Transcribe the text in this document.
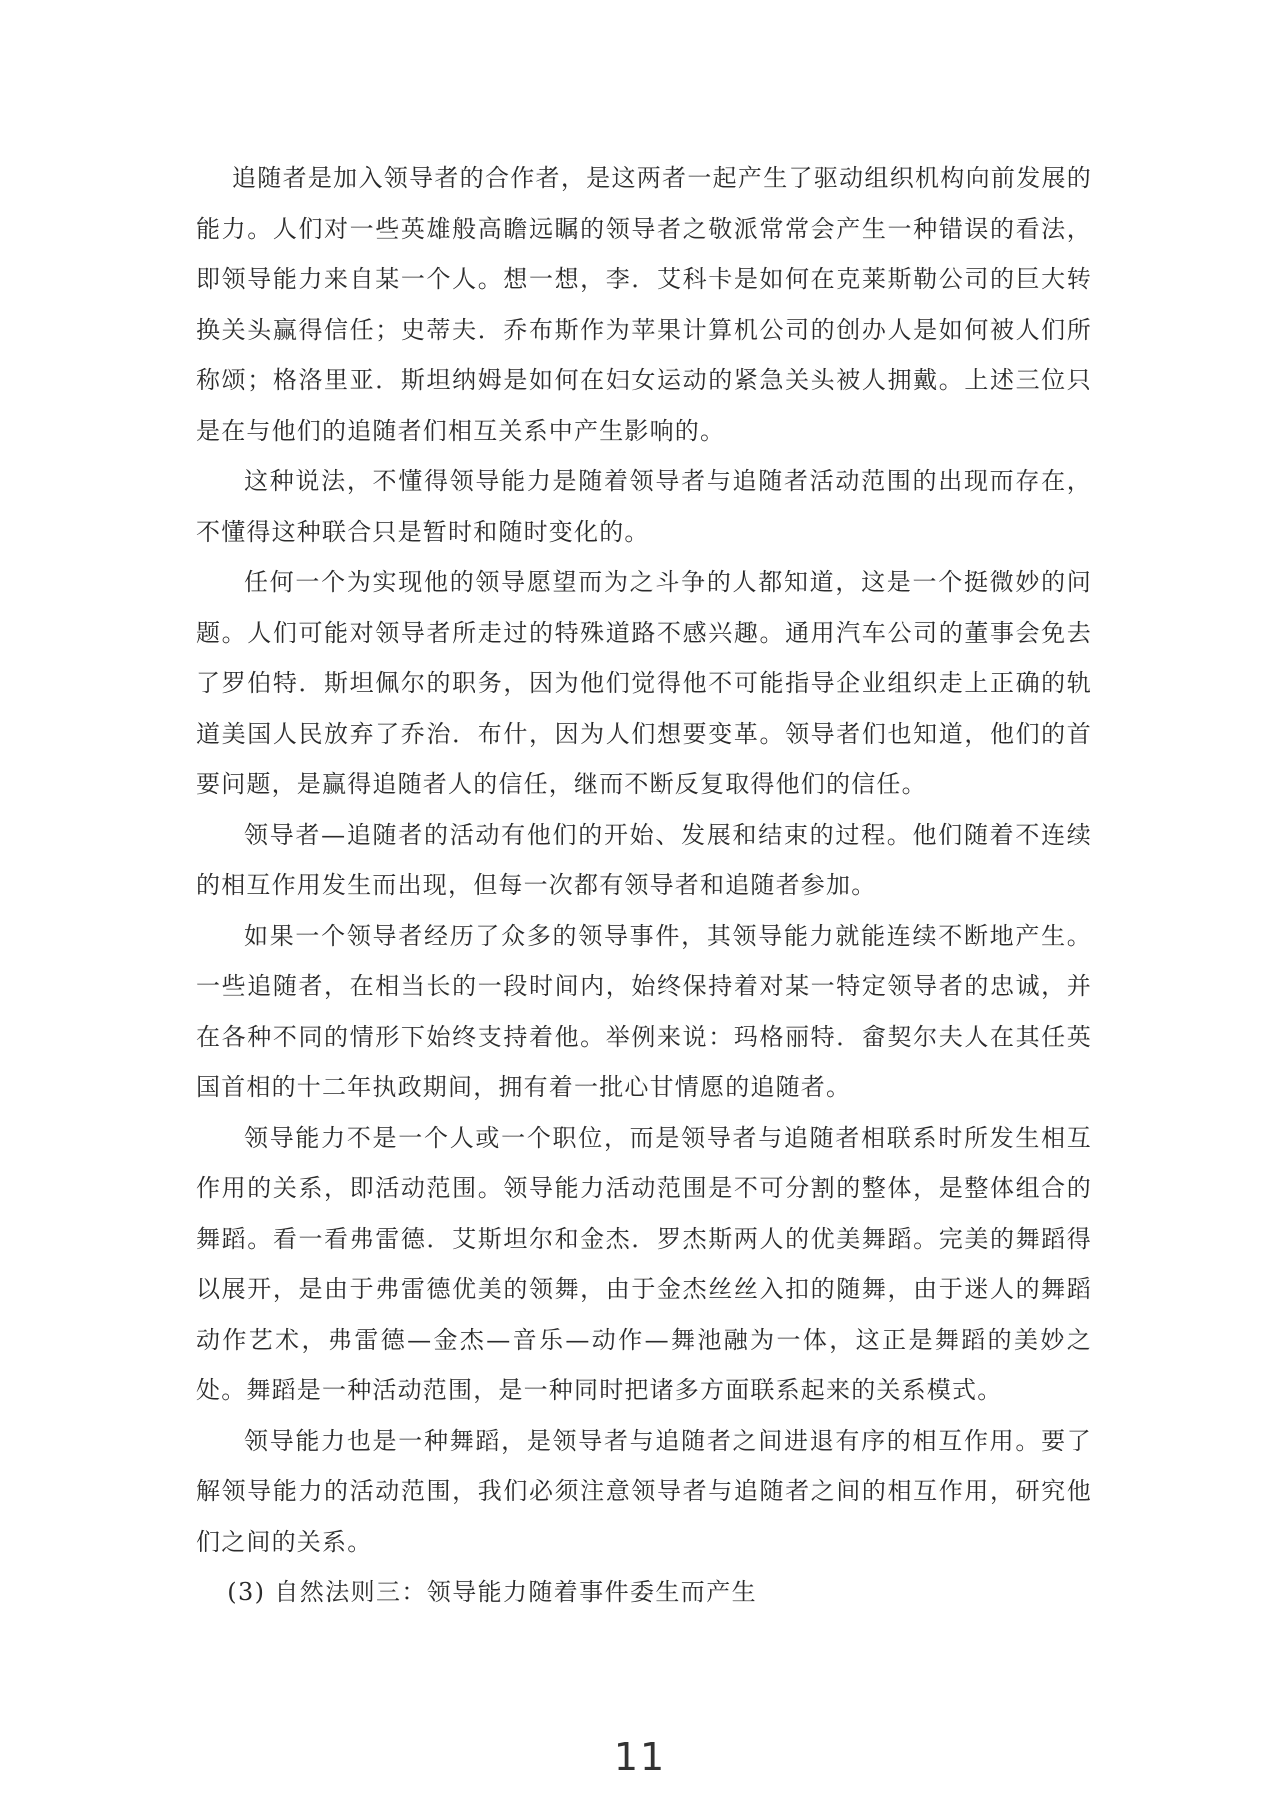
追随者是加入领导者的合作者，是这两者一起产生了驱动组织机构向前发展的能力。人们对一些英雄般高瞻远瞩的领导者之敬派常常会产生一种错误的看法，即领导能力来自某一个人。想一想，李．艾科卡是如何在克莱斯勒公司的巨大转换关头赢得信任；史蒂夫．乔布斯作为苹果计算机公司的创办人是如何被人们所称颂；格洛里亚．斯坦纳姆是如何在妇女运动的紧急关头被人拥戴。上述三位只是在与他们的追随者们相互关系中产生影响的。

这种说法，不懂得领导能力是随着领导者与追随者活动范围的出现而存在，不懂得这种联合只是暂时和随时变化的。

任何一个为实现他的领导愿望而为之斗争的人都知道，这是一个挺微妙的问题。人们可能对领导者所走过的特殊道路不感兴趣。通用汽车公司的董事会免去了罗伯特．斯坦佩尔的职务，因为他们觉得他不可能指导企业组织走上正确的轨道美国人民放弃了乔治．布什，因为人们想要变革。领导者们也知道，他们的首要问题，是赢得追随者人的信任，继而不断反复取得他们的信任。

领导者—追随者的活动有他们的开始、发展和结束的过程。他们随着不连续的相互作用发生而出现，但每一次都有领导者和追随者参加。

如果一个领导者经历了众多的领导事件，其领导能力就能连续不断地产生。一些追随者，在相当长的一段时间内，始终保持着对某一特定领导者的忠诚，并在各种不同的情形下始终支持着他。举例来说：玛格丽特．畲契尔夫人在其任英国首相的十二年执政期间，拥有着一批心甘情愿的追随者。

领导能力不是一个人或一个职位，而是领导者与追随者相联系时所发生相互作用的关系，即活动范围。领导能力活动范围是不可分割的整体，是整体组合的舞蹈。看一看弗雷德．艾斯坦尔和金杰．罗杰斯两人的优美舞蹈。完美的舞蹈得以展开，是由于弗雷德优美的领舞，由于金杰丝丝入扣的随舞，由于迷人的舞蹈动作艺术，弗雷德—金杰—音乐—动作—舞池融为一体，这正是舞蹈的美妙之处。舞蹈是一种活动范围，是一种同时把诸多方面联系起来的关系模式。

领导能力也是一种舞蹈，是领导者与追随者之间进退有序的相互作用。要了解领导能力的活动范围，我们必须注意领导者与追随者之间的相互作用，研究他们之间的关系。

(3) 自然法则三：领导能力随着事件委生而产生

11
